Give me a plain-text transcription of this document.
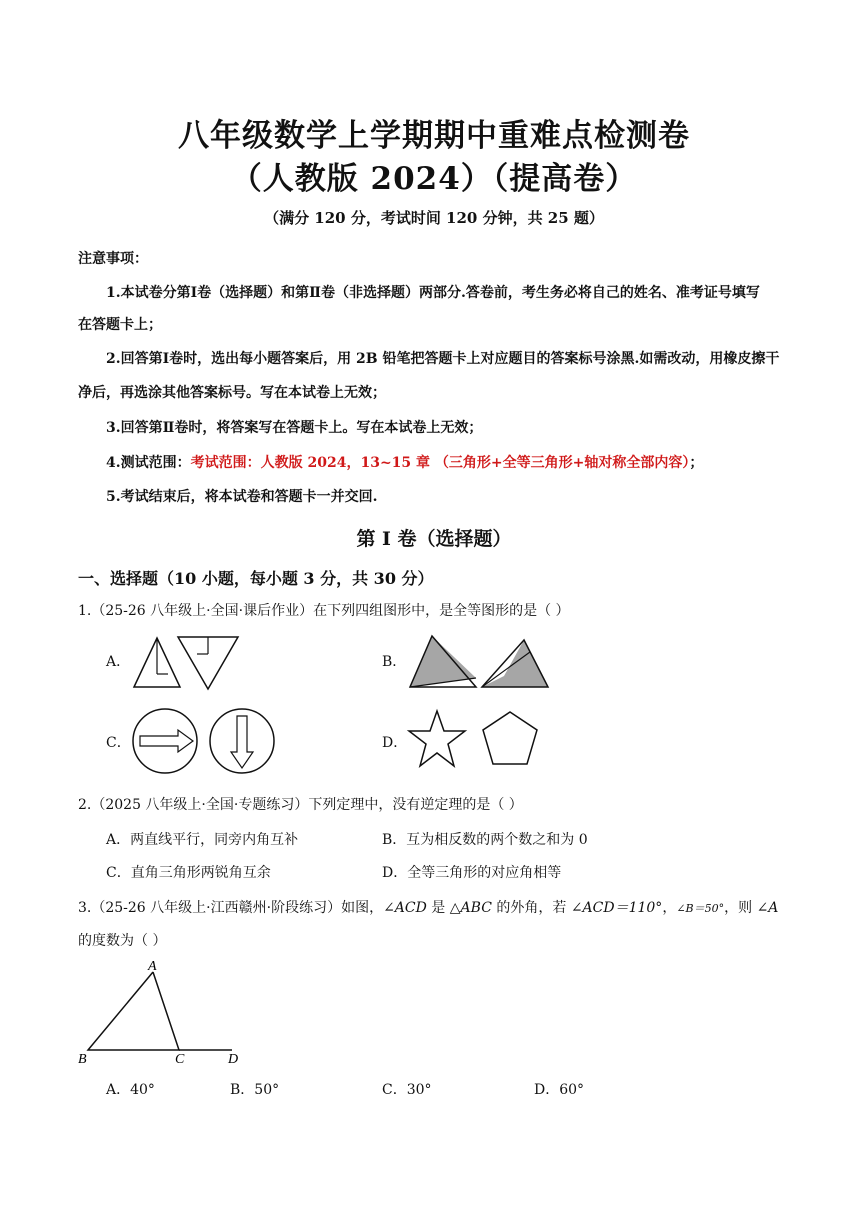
八年级数学上学期期中重难点检测卷
（人教版 2024）（提高卷）
（满分 120 分，考试时间 120 分钟，共 25 题）
注意事项：
1.本试卷分第Ⅰ卷（选择题）和第Ⅱ卷（非选择题）两部分.答卷前，考生务必将自己的姓名、准考证号填写
在答题卡上；
2.回答第Ⅰ卷时，选出每小题答案后，用 2B 铅笔把答题卡上对应题目的答案标号涂黑.如需改动，用橡皮擦干
净后，再选涂其他答案标号。写在本试卷上无效；
3.回答第Ⅱ卷时，将答案写在答题卡上。写在本试卷上无效；
4.测试范围：考试范围：人教版 2024，13~15 章 （三角形+全等三角形+轴对称全部内容）；
5.考试结束后，将本试卷和答题卡一并交回.
第 I 卷（选择题）
一、选择题（10 小题，每小题 3 分，共 30 分）
1.（25-26 八年级上·全国·课后作业）在下列四组图形中，是全等图形的是（ ）
A．	B．
C．	D．
2.（2025 八年级上·全国·专题练习）下列定理中，没有逆定理的是（ ）
A．两直线平行，同旁内角互补	B．互为相反数的两个数之和为 0
C．直角三角形两锐角互余	D．全等三角形的对应角相等
3.（25-26 八年级上·江西赣州·阶段练习）如图，∠ACD 是 △ABC 的外角，若 ∠ACD＝110°，∠B＝50°，则 ∠A
的度数为（ ）
A
B	C	D
A．40°	B．50°	C．30°	D．60°
